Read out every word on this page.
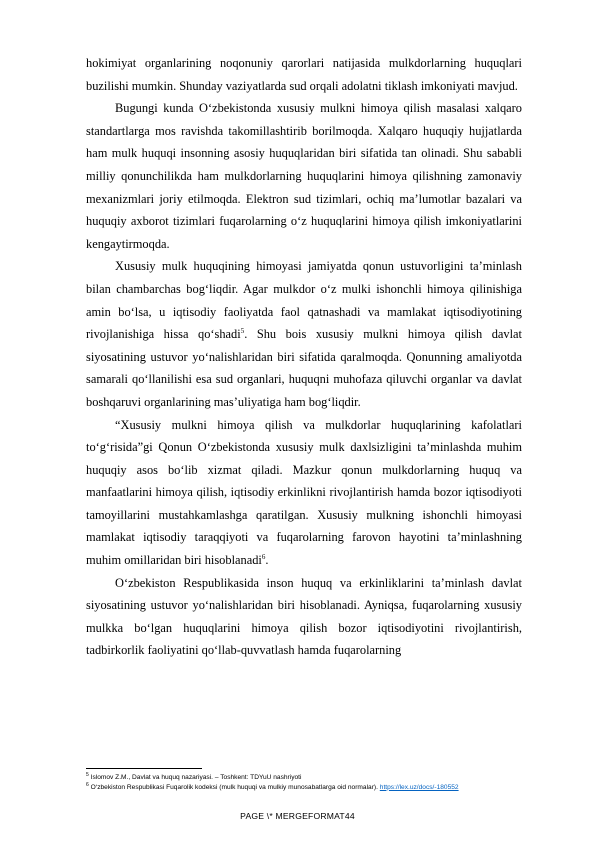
hokimiyat organlarining noqonuniy qarorlari natijasida mulkdorlarning huquqlari buzilishi mumkin. Shunday vaziyatlarda sud orqali adolatni tiklash imkoniyati mavjud.

Bugungi kunda O‘zbekistonda xususiy mulkni himoya qilish masalasi xalqaro standartlarga mos ravishda takomillashtirib borilmoqda. Xalqaro huquqiy hujjatlarda ham mulk huquqi insonning asosiy huquqlaridan biri sifatida tan olinadi. Shu sababli milliy qonunchilikda ham mulkdorlarning huquqlarini himoya qilishning zamonaviy mexanizmlari joriy etilmoqda. Elektron sud tizimlari, ochiq ma’lumotlar bazalari va huquqiy axborot tizimlari fuqarolarning o‘z huquqlarini himoya qilish imkoniyatlarini kengaytirmoqda.

Xususiy mulk huquqining himoyasi jamiyatda qonun ustuvorligini ta’minlash bilan chambarchas bog‘liqdir. Agar mulkdor o‘z mulki ishonchli himoya qilinishiga amin bo‘lsa, u iqtisodiy faoliyatda faol qatnashadi va mamlakat iqtisodiyotining rivojlanishiga hissa qo‘shadi$^5$. Shu bois xususiy mulkni himoya qilish davlat siyosatining ustuvor yo‘nalishlaridan biri sifatida qaralmoqda. Qonunning amaliyotda samarali qo‘llanilishi esa sud organlari, huquqni muhofaza qiluvchi organlar va davlat boshqaruvi organlarining mas’uliyatiga ham bog‘liqdir.

“Xususiy mulkni himoya qilish va mulkdorlar huquqlarining kafolatlari to‘g‘risida”gi Qonun O‘zbekistonda xususiy mulk daxlsizligini ta’minlashda muhim huquqiy asos bo‘lib xizmat qiladi. Mazkur qonun mulkdorlarning huquq va manfaatlarini himoya qilish, iqtisodiy erkinlikni rivojlantirish hamda bozor iqtisodiyoti tamoyillarini mustahkamlashga qaratilgan. Xususiy mulkning ishonchli himoyasi mamlakat iqtisodiy taraqqiyoti va fuqarolarning farovon hayotini ta’minlashning muhim omillaridan biri hisoblanadi$^6$.

O‘zbekiston Respublikasida inson huquq va erkinliklarini ta’minlash davlat siyosatining ustuvor yo‘nalishlaridan biri hisoblanadi. Ayniqsa, fuqarolarning xususiy mulkka bo‘lgan huquqlarini himoya qilish bozor iqtisodiyotini rivojlantirish, tadbirkorlik faoliyatini qo‘llab-quvvatlash hamda fuqarolarning

$^5$ Islomov Z.M., Davlat va huquq nazariyasi. – Toshkent: TDYuU nashriyoti

$^6$ O‘zbekiston Respublikasi Fuqarolik kodeksi (mulk huquqi va mulkiy munosabatlarga oid normalar). https://lex.uz/docs/-180552

PAGE \* MERGEFORMAT44
